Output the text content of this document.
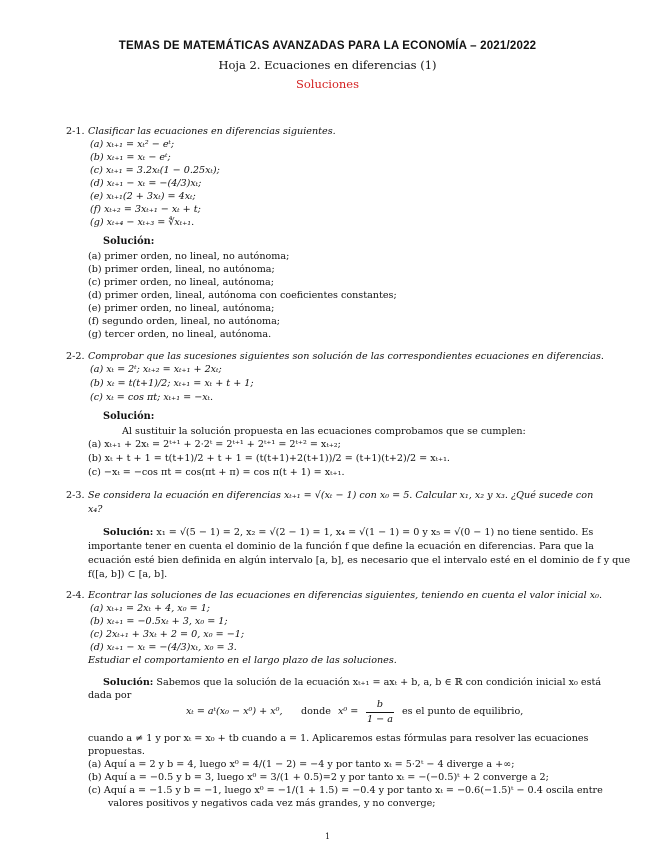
TEMAS DE MATEMÁTICAS AVANZADAS PARA LA ECONOMÍA – 2021/2022
Hoja 2. Ecuaciones en diferencias (1)
Soluciones
2-1. Clasificar las ecuaciones en diferencias siguientes.
(a) xₜ₊₁ = xₜ² − eᵗ;
(b) xₜ₊₁ = xₜ − eᵗ;
(c) xₜ₊₁ = 3.2xₜ(1 − 0.25xₜ);
(d) xₜ₊₁ − xₜ = −(4/3)xₜ;
(e) xₜ₊₁(2 + 3xₜ) = 4xₜ;
(f) xₜ₊₂ = 3xₜ₊₁ − xₜ + t;
(g) xₜ₊₄ − xₜ₊₃ = ∜xₜ₊₁.
Solución:
(a) primer orden, no lineal, no autónoma;
(b) primer orden, lineal, no autónoma;
(c) primer orden, no lineal, autónoma;
(d) primer orden, lineal, autónoma con coeficientes constantes;
(e) primer orden, no lineal, autónoma;
(f) segundo orden, lineal, no autónoma;
(g) tercer orden, no lineal, autónoma.
2-2. Comprobar que las sucesiones siguientes son solución de las correspondientes ecuaciones en diferencias.
(a) xₜ = 2ᵗ; xₜ₊₂ = xₜ₊₁ + 2xₜ;
(b) xₜ = t(t+1)/2; xₜ₊₁ = xₜ + t + 1;
(c) xₜ = cos πt; xₜ₊₁ = −xₜ.
Solución:
Al sustituir la solución propuesta en las ecuaciones comprobamos que se cumplen:
(a) xₜ₊₁ + 2xₜ = 2ᵗ⁺¹ + 2·2ᵗ = 2ᵗ⁺¹ + 2ᵗ⁺¹ = 2ᵗ⁺² = xₜ₊₂;
(b) xₜ + t + 1 = t(t+1)/2 + t + 1 = (t(t+1)+2(t+1))/2 = (t+1)(t+2)/2 = xₜ₊₁.
(c) −xₜ = −cos πt = cos(πt + π) = cos π(t + 1) = xₜ₊₁.
2-3. Se considera la ecuación en diferencias xₜ₊₁ = √(xₜ − 1) con x₀ = 5. Calcular x₁, x₂ y x₃. ¿Qué sucede con
x₄?
Solución: x₁ = √(5 − 1) = 2, x₂ = √(2 − 1) = 1, x₄ = √(1 − 1) = 0 y x₅ = √(0 − 1) no tiene sentido. Es
importante tener en cuenta el dominio de la función f que define la ecuación en diferencias. Para que la
ecuación esté bien definida en algún intervalo [a, b], es necesario que el intervalo esté en el dominio de f y que
f([a, b]) ⊂ [a, b].
2-4. Econtrar las soluciones de las ecuaciones en diferencias siguientes, teniendo en cuenta el valor inicial x₀.
(a) xₜ₊₁ = 2xₜ + 4, x₀ = 1;
(b) xₜ₊₁ = −0.5xₜ + 3, x₀ = 1;
(c) 2xₜ₊₁ + 3xₜ + 2 = 0, x₀ = −1;
(d) xₜ₊₁ − xₜ = −(4/3)xₜ, x₀ = 3.
Estudiar el comportamiento en el largo plazo de las soluciones.
Solución: Sabemos que la solución de la ecuación xₜ₊₁ = axₜ + b, a, b ∈ ℝ con condición inicial x₀ está
dada por
xₜ = aᵗ(x₀ − x⁰) + x⁰, donde x⁰ =
b
1 − a
es el punto de equilibrio,
cuando a ≠ 1 y por xₜ = x₀ + tb cuando a = 1. Aplicaremos estas fórmulas para resolver las ecuaciones
propuestas.
(a) Aquí a = 2 y b = 4, luego x⁰ = 4/(1 − 2) = −4 y por tanto xₜ = 5·2ᵗ − 4 diverge a +∞;
(b) Aquí a = −0.5 y b = 3, luego x⁰ = 3/(1 + 0.5)=2 y por tanto xₜ = −(−0.5)ᵗ + 2 converge a 2;
(c) Aquí a = −1.5 y b = −1, luego x⁰ = −1/(1 + 1.5) = −0.4 y por tanto xₜ = −0.6(−1.5)ᵗ − 0.4 oscila entre
valores positivos y negativos cada vez más grandes, y no converge;
1
